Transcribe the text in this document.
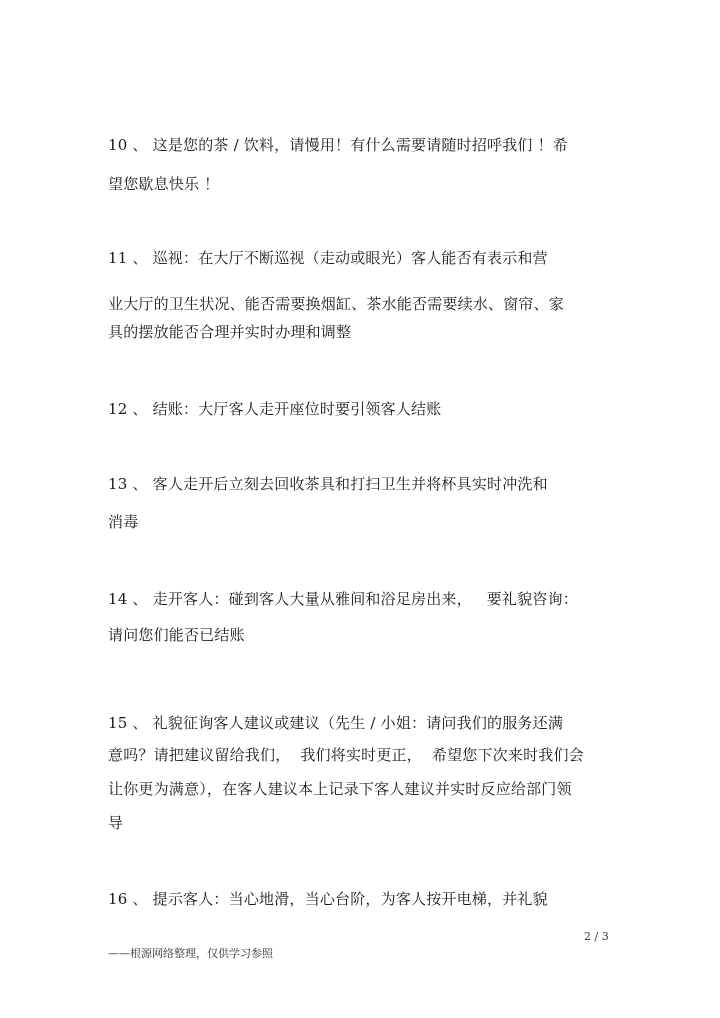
10 、 这是您的茶 / 饮料，请慢用！有什么需要请随时招呼我们 ！希
望您歇息快乐 ！
11 、 巡视：在大厅不断巡视（走动或眼光）客人能否有表示和营
业大厅的卫生状况、能否需要换烟缸、茶水能否需要续水、窗帘、家
具的摆放能否合理并实时办理和调整
12 、 结账：大厅客人走开座位时要引领客人结账
13 、 客人走开后立刻去回收茶具和打扫卫生并将杯具实时冲洗和
消毒
14 、 走开客人：碰到客人大量从雅间和浴足房出来，   要礼貌咨询：
请问您们能否已结账
15 、 礼貌征询客人建议或建议（先生 / 小姐：请问我们的服务还满
意吗？请把建议留给我们，  我们将实时更正，  希望您下次来时我们会
让你更为满意），在客人建议本上记录下客人建议并实时反应给部门领
导
16 、 提示客人：当心地滑，当心台阶，为客人按开电梯，并礼貌
2 / 3
——根源网络整理，仅供学习参照
